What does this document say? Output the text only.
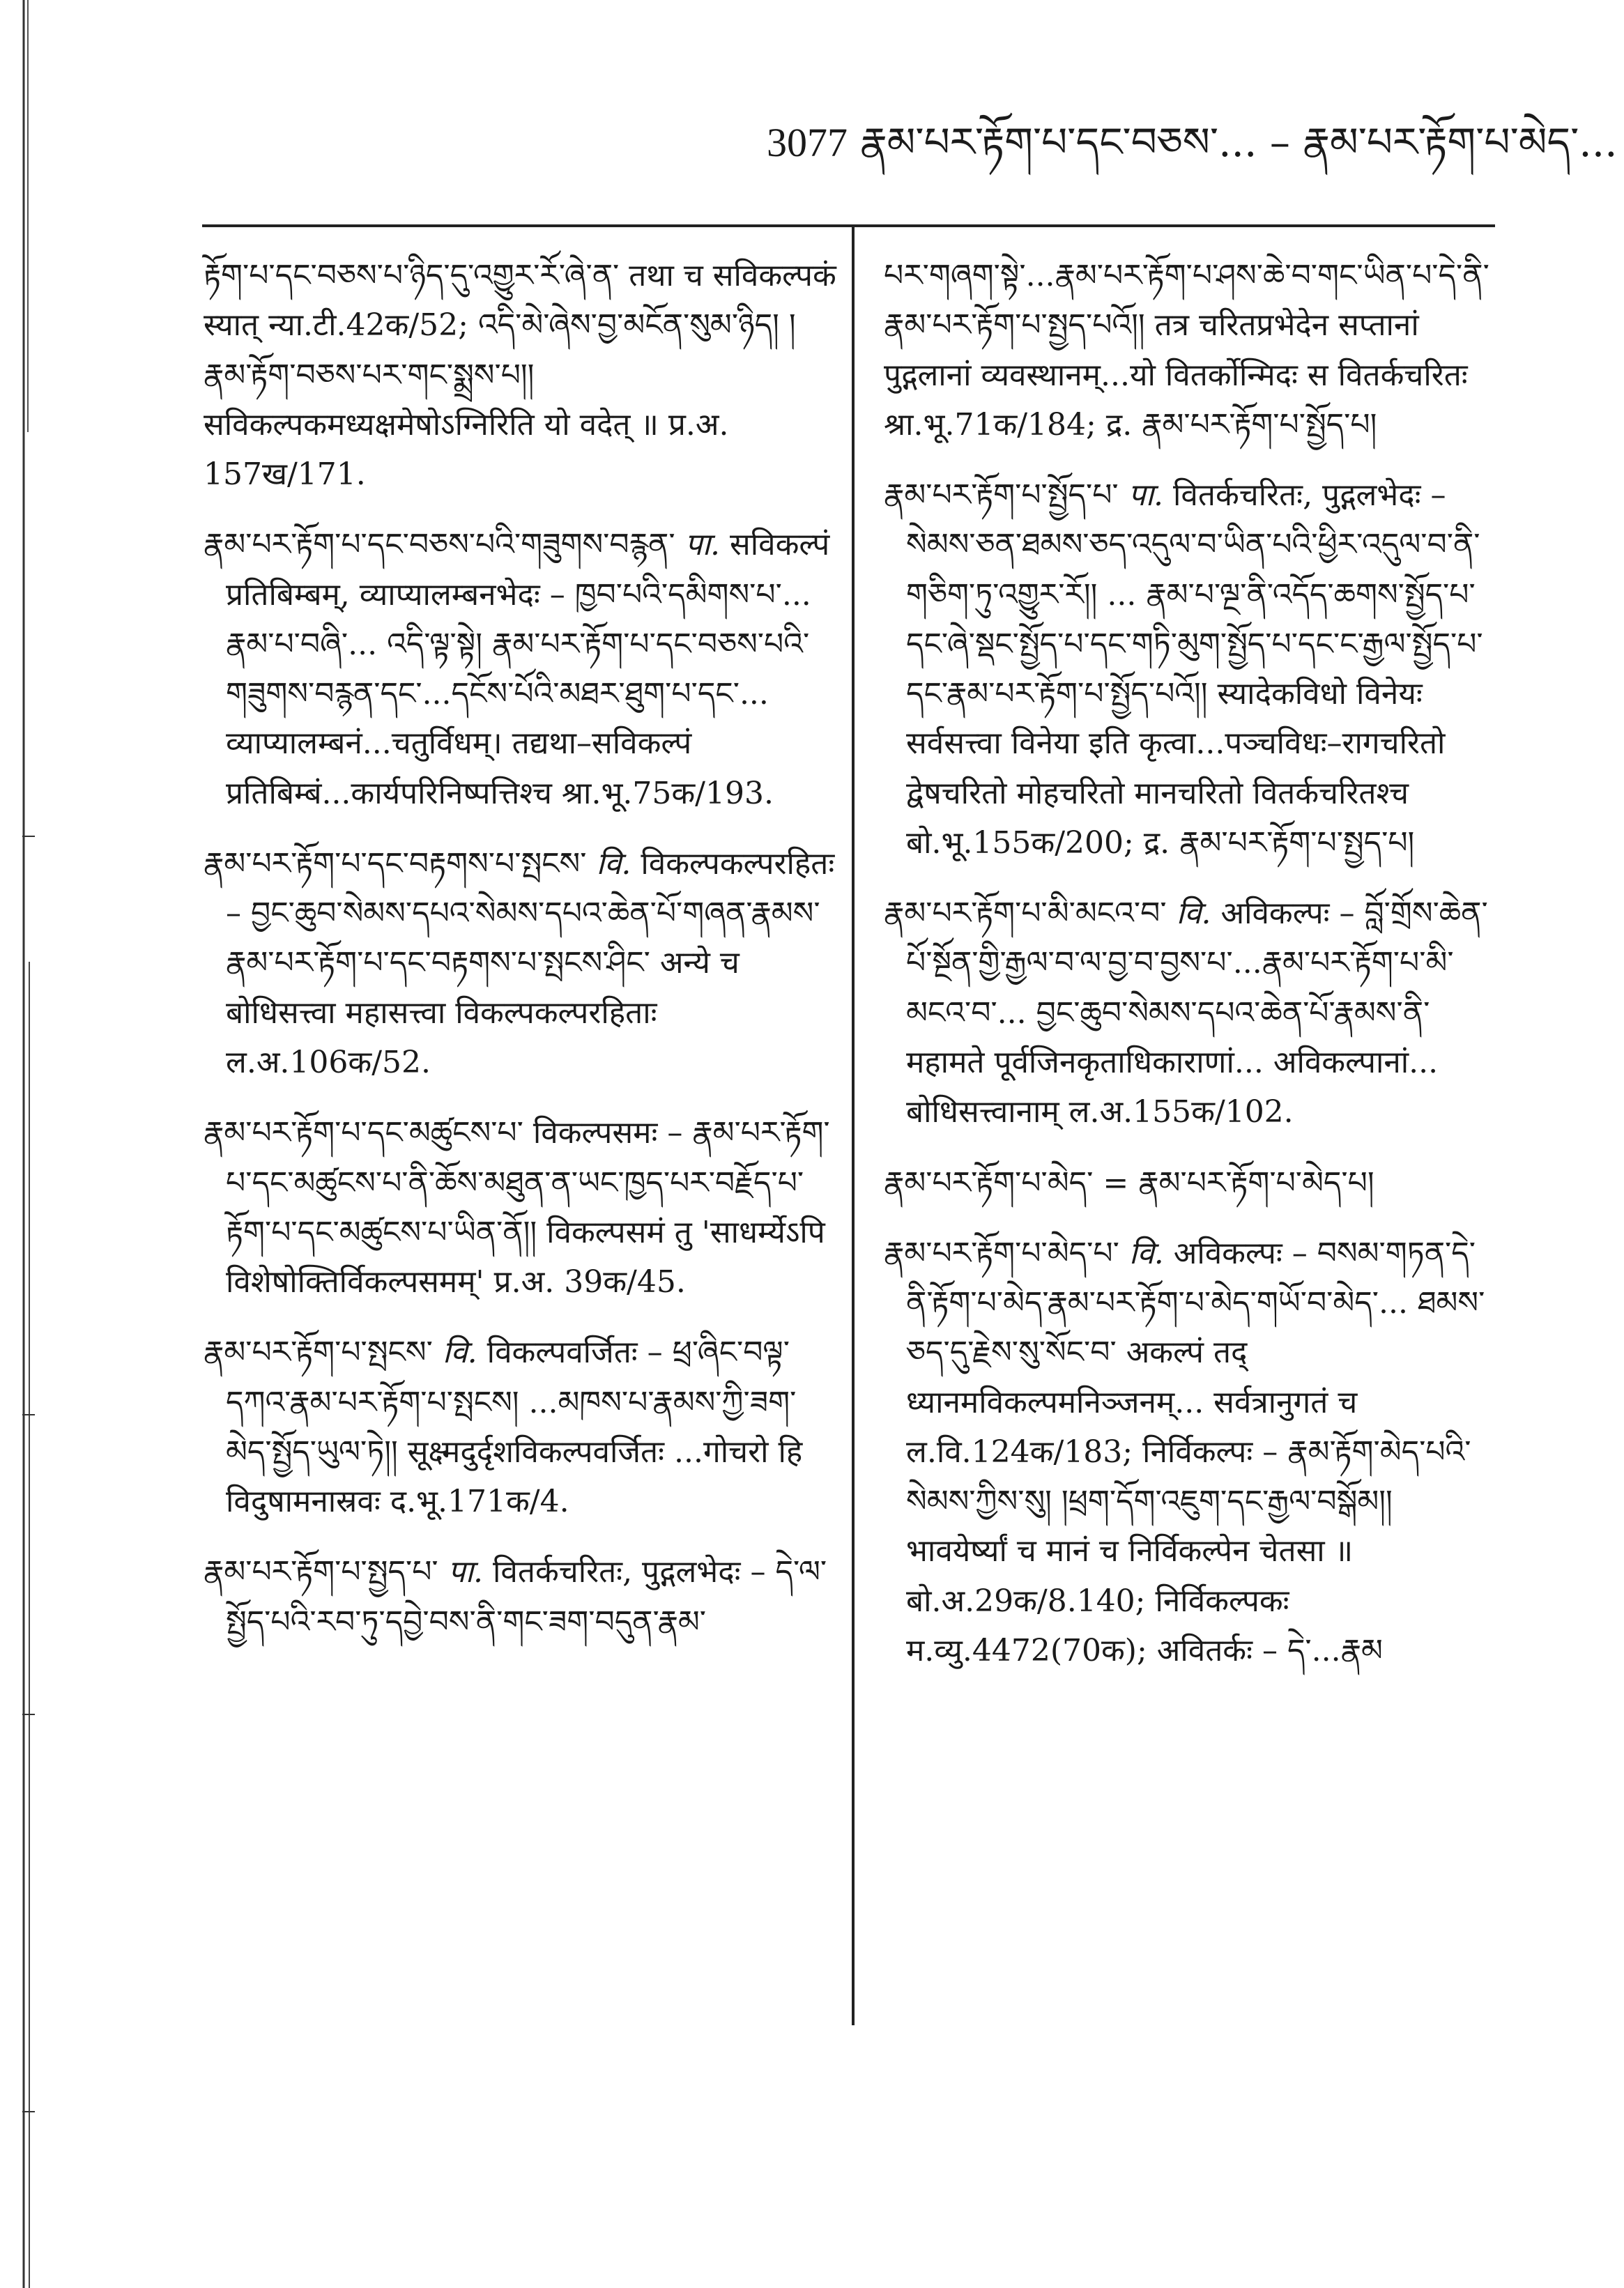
3077 རྣམ་པར་རྟོག་པ་དང་བཅས་... – རྣམ་པར་རྟོག་པ་མེད་...

རྟོག་པ་དང་བཅས་པ་ཉིད་དུ་འགྱུར་རོ་ཞེ་ན་ तथा च सविकल्पकं स्यात् न्या.टी.42क/52; འདི་མེ་ཞེས་བྱ་མངོན་སུམ་ཉིད། །རྣམ་རྟོག་བཅས་པར་གང་སྨྲས་པ།། सविकल्पकमध्यक्षमेषोऽग्निरिति यो वदेत् ॥ प्र.अ. 157ख/171.

རྣམ་པར་རྟོག་པ་དང་བཅས་པའི་གཟུགས་བརྙན་ पा. सविकल्पं प्रतिबिम्बम्, व्याप्यालम्बनभेदः – ཁྱབ་པའི་དམིགས་པ་... རྣམ་པ་བཞི་... འདི་ལྟ་སྟེ། རྣམ་པར་རྟོག་པ་དང་བཅས་པའི་གཟུགས་བརྙན་དང་...དངོས་པོའི་མཐར་ཐུག་པ་དང་... व्याप्यालम्बनं...चतुर्विधम्। तद्यथा–सविकल्पं प्रतिबिम्बं...कार्यपरिनिष्पत्तिश्च श्रा.भू.75क/193.

རྣམ་པར་རྟོག་པ་དང་བརྟགས་པ་སྤངས་ वि. विकल्पकल्परहितः – བྱང་ཆུབ་སེམས་དཔའ་སེམས་དཔའ་ཆེན་པོ་གཞན་རྣམས་རྣམ་པར་རྟོག་པ་དང་བརྟགས་པ་སྤངས་ཤིང་ अन्ये च बोधिसत्त्वा महासत्त्वा विकल्पकल्परहिताः ल.अ.106क/52.

རྣམ་པར་རྟོག་པ་དང་མཚུངས་པ་ विकल्पसमः – རྣམ་པར་རྟོག་པ་དང་མཚུངས་པ་ནི་ཆོས་མཐུན་ན་ཡང་ཁྱད་པར་བརྗོད་པ་རྟོག་པ་དང་མཚུངས་པ་ཡིན་ནོ།། विकल्पसमं तु 'साधर्म्येऽपि विशेषोक्तिर्विकल्पसमम्' प्र.अ. 39क/45.

རྣམ་པར་རྟོག་པ་སྤངས་ वि. विकल्पवर्जितः – ཕྲ་ཞིང་བལྟ་དཀའ་རྣམ་པར་རྟོག་པ་སྤངས། ...མཁས་པ་རྣམས་ཀྱི་ཟག་མེད་སྤྱོད་ཡུལ་ཏེ།། सूक्ष्मदुर्दृशविकल्पवर्जितः ...गोचरो हि विदुषामनास्रवः द.भू.171क/4.

རྣམ་པར་རྟོག་པ་སྤྱད་པ་ पा. वितर्कचरितः, पुद्गलभेदः – དེ་ལ་སྤྱོད་པའི་རབ་ཏུ་དབྱེ་བས་ནི་གང་ཟག་བདུན་རྣམ་

པར་གཞག་སྟེ་...རྣམ་པར་རྟོག་པ་ཤས་ཆེ་བ་གང་ཡིན་པ་དེ་ནི་རྣམ་པར་རྟོག་པ་སྤྱད་པའོ།། तत्र चरितप्रभेदेन सप्तानां पुद्गलानां व्यवस्थानम्...यो वितर्कोन्मिदः स वितर्कचरितः श्रा.भू.71क/184; द्र. རྣམ་པར་རྟོག་པ་སྤྱོད་པ།

རྣམ་པར་རྟོག་པ་སྤྱོད་པ་ पा. वितर्कचरितः, पुद्गलभेदः – སེམས་ཅན་ཐམས་ཅད་འདུལ་བ་ཡིན་པའི་ཕྱིར་འདུལ་བ་ནི་གཅིག་ཏུ་འགྱུར་རོ།། ... རྣམ་པ་ལྔ་ནི་འདོད་ཆགས་སྤྱོད་པ་དང་ཞེ་སྡང་སྤྱོད་པ་དང་གཏི་མུག་སྤྱོད་པ་དང་ང་རྒྱལ་སྤྱོད་པ་དང་རྣམ་པར་རྟོག་པ་སྤྱོད་པའོ།། स्यादेकविधो विनेयः सर्वसत्त्वा विनेया इति कृत्वा...पञ्चविधः–रागचरितो द्वेषचरितो मोहचरितो मानचरितो वितर्कचरितश्च बो.भू.155क/200; द्र. རྣམ་པར་རྟོག་པ་སྤྱད་པ།

རྣམ་པར་རྟོག་པ་མི་མངའ་བ་ वि. अविकल्पः – བློ་གྲོས་ཆེན་པོ་སྔོན་གྱི་རྒྱལ་བ་ལ་བྱ་བ་བྱས་པ་...རྣམ་པར་རྟོག་པ་མི་མངའ་བ་... བྱང་ཆུབ་སེམས་དཔའ་ཆེན་པོ་རྣམས་ནི་ महामते पूर्वजिनकृताधिकाराणां... अविकल्पानां... बोधिसत्त्वानाम् ल.अ.155क/102.

རྣམ་པར་རྟོག་པ་མེད་ = རྣམ་པར་རྟོག་པ་མེད་པ།

རྣམ་པར་རྟོག་པ་མེད་པ་ वि. अविकल्पः – བསམ་གཏན་དེ་ནི་རྟོག་པ་མེད་རྣམ་པར་རྟོག་པ་མེད་གཡོ་བ་མེད་... ཐམས་ཅད་དུ་རྗེས་སུ་སོང་བ་ अकल्पं तद् ध्यानमविकल्पमनिञ्जनम्... सर्वत्रानुगतं च ल.वि.124क/183; निर्विकल्पः – རྣམ་རྟོག་མེད་པའི་སེམས་ཀྱིས་སུ། །ཕྲག་དོག་འཇུག་དང་རྒྱལ་བསྒོམ།། भावयेर्ष्यां च मानं च निर्विकल्पेन चेतसा ॥ बो.अ.29क/8.140; निर्विकल्पकः म.व्यु.4472(70क); अवितर्कः – དེ་...རྣམ
